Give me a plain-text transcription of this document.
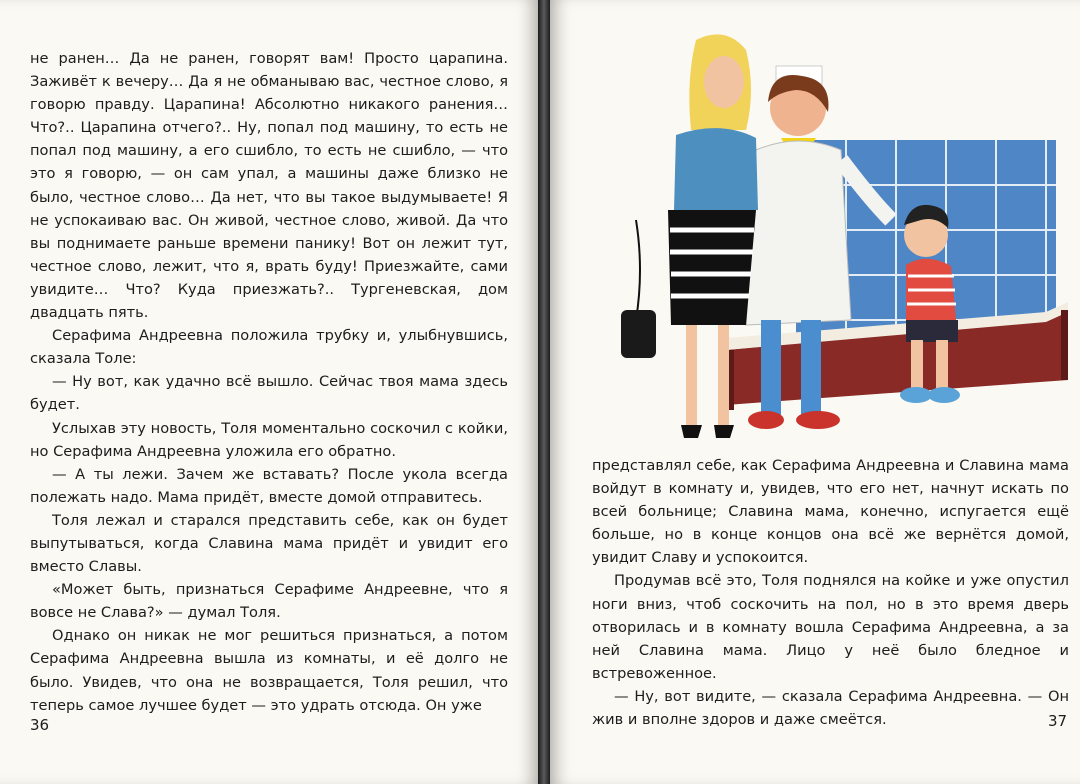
не ранен… Да не ранен, говорят вам! Просто царапина. Заживёт к вечеру… Да я не обманываю вас, честное слово, я говорю правду. Царапина! Абсолютно никакого ранения… Что?.. Царапина отчего?.. Ну, попал под машину, то есть не попал под машину, а его сшибло, то есть не сшибло, — что это я говорю, — он сам упал, а машины даже близко не было, честное слово… Да нет, что вы такое выдумываете! Я не успокаиваю вас. Он живой, честное слово, живой. Да что вы поднимаете раньше времени панику! Вот он лежит тут, честное слово, лежит, что я, врать буду! Приезжайте, сами увидите… Что? Куда приезжать?.. Тургеневская, дом двадцать пять.

Серафима Андреевна положила трубку и, улыбнувшись, сказала Толе:

— Ну вот, как удачно всё вышло. Сейчас твоя мама здесь будет.

Услыхав эту новость, Толя моментально соскочил с койки, но Серафима Андреевна уложила его обратно.

— А ты лежи. Зачем же вставать? После укола всегда полежать надо. Мама придёт, вместе домой отправитесь.

Толя лежал и старался представить себе, как он будет выпутываться, когда Славина мама придёт и увидит его вместо Славы.

«Может быть, признаться Серафиме Андреевне, что я вовсе не Слава?» — думал Толя.

Однако он никак не мог решиться признаться, а потом Серафима Андреевна вышла из комнаты, и её долго не было. Увидев, что она не возвращается, Толя решил, что теперь самое лучшее будет — это удрать отсюда. Он уже

36

представлял себе, как Серафима Андреевна и Славина мама войдут в комнату и, увидев, что его нет, начнут искать по всей больнице; Славина мама, конечно, испугается ещё больше, но в конце концов она всё же вернётся домой, увидит Славу и успокоится.

Продумав всё это, Толя поднялся на койке и уже опустил ноги вниз, чтоб соскочить на пол, но в это время дверь отворилась и в комнату вошла Серафима Андреевна, а за ней Славина мама. Лицо у неё было бледное и встревоженное.

— Ну, вот видите, — сказала Серафима Андреевна. — Он жив и вполне здоров и даже смеётся.	37
